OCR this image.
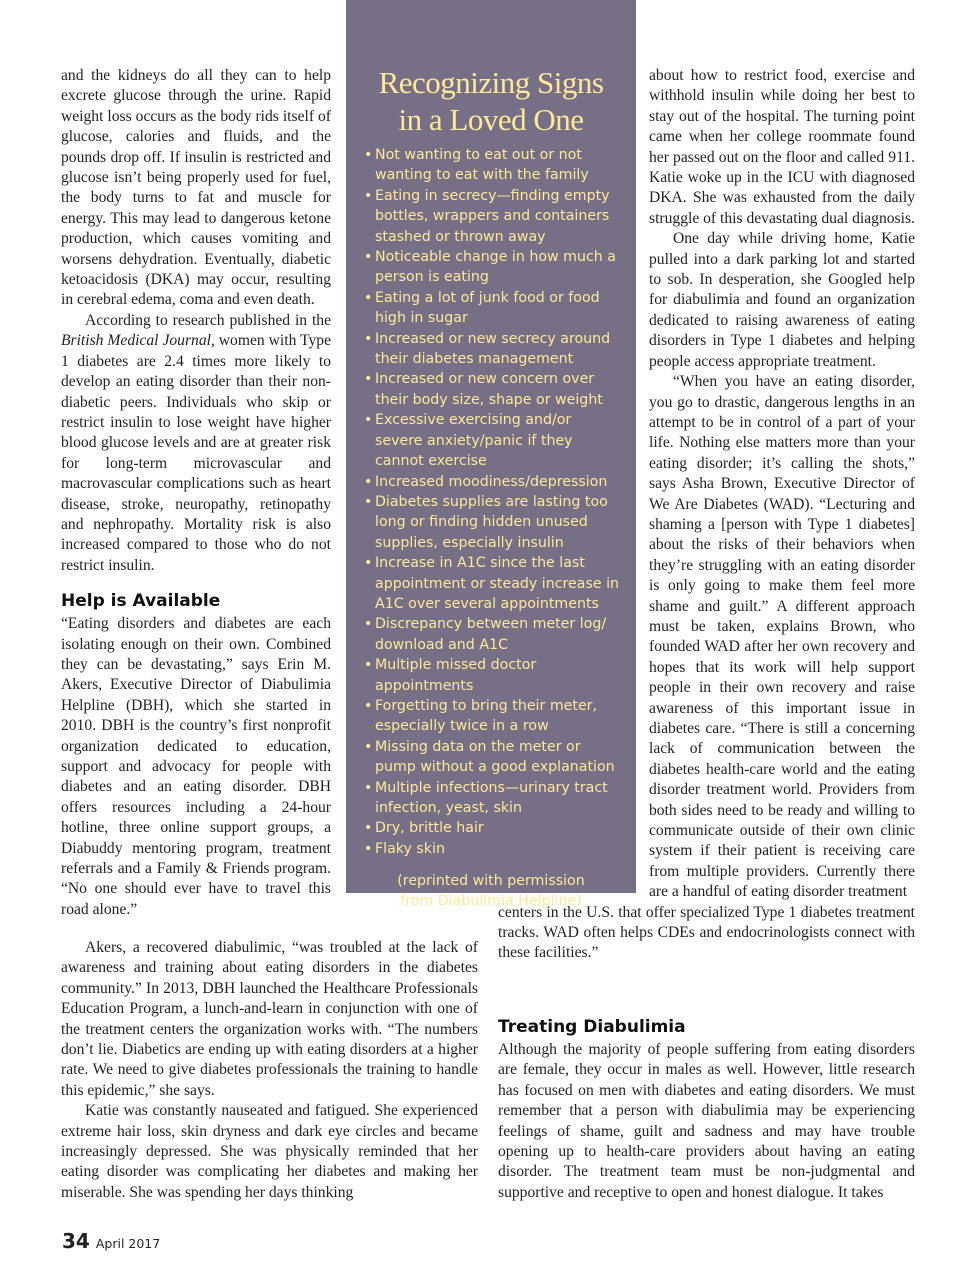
and the kidneys do all they can to help excrete glucose through the urine. Rapid weight loss occurs as the body rids itself of glucose, calories and fluids, and the pounds drop off. If insulin is restricted and glucose isn’t being properly used for fuel, the body turns to fat and muscle for energy. This may lead to dangerous ketone production, which causes vomiting and worsens dehydration. Eventually, diabetic ketoacidosis (DKA) may occur, resulting in cerebral edema, coma and even death.

According to research published in the British Medical Journal, women with Type 1 diabetes are 2.4 times more likely to develop an eating disorder than their non-diabetic peers. Individuals who skip or restrict insulin to lose weight have higher blood glucose levels and are at greater risk for long-term microvascular and macrovascular complications such as heart disease, stroke, neuropathy, retinopathy and nephropathy. Mortality risk is also increased compared to those who do not restrict insulin.

Help is Available

“Eating disorders and diabetes are each isolating enough on their own. Combined they can be devastating,” says Erin M. Akers, Executive Director of Diabulimia Helpline (DBH), which she started in 2010. DBH is the country’s first nonprofit organization dedicated to education, support and advocacy for people with diabetes and an eating disorder. DBH offers resources including a 24-hour hotline, three online support groups, a Diabuddy mentoring program, treatment referrals and a Family & Friends program. “No one should ever have to travel this road alone.”

Akers, a recovered diabulimic, “was troubled at the lack of awareness and training about eating disorders in the diabetes community.” In 2013, DBH launched the Healthcare Professionals Education Program, a lunch-and-learn in conjunction with one of the treatment centers the organization works with. “The numbers don’t lie. Diabetics are ending up with eating disorders at a higher rate. We need to give diabetes professionals the training to handle this epidemic,” she says.

Katie was constantly nauseated and fatigued. She experienced extreme hair loss, skin dryness and dark eye circles and became increasingly depressed. She was physically reminded that her eating disorder was complicating her diabetes and making her miserable. She was spending her days thinking

Recognizing Signs
in a Loved One
• Not wanting to eat out or not wanting to eat with the family
• Eating in secrecy—finding empty bottles, wrappers and containers stashed or thrown away
• Noticeable change in how much a person is eating
• Eating a lot of junk food or food high in sugar
• Increased or new secrecy around their diabetes management
• Increased or new concern over their body size, shape or weight
• Excessive exercising and/or severe anxiety/panic if they cannot exercise
• Increased moodiness/depression
• Diabetes supplies are lasting too long or finding hidden unused supplies, especially insulin
• Increase in A1C since the last appointment or steady increase in A1C over several appointments
• Discrepancy between meter log/ download and A1C
• Multiple missed doctor appointments
• Forgetting to bring their meter, especially twice in a row
• Missing data on the meter or pump without a good explanation
• Multiple infections—urinary tract infection, yeast, skin
• Dry, brittle hair
• Flaky skin
(reprinted with permission
from Diabulimia Helpline)

about how to restrict food, exercise and withhold insulin while doing her best to stay out of the hospital. The turning point came when her college roommate found her passed out on the floor and called 911. Katie woke up in the ICU with diagnosed DKA. She was exhausted from the daily struggle of this devastating dual diagnosis.

One day while driving home, Katie pulled into a dark parking lot and started to sob. In desperation, she Googled help for diabulimia and found an organization dedicated to raising awareness of eating disorders in Type 1 diabetes and helping people access appropriate treatment.

“When you have an eating disorder, you go to drastic, dangerous lengths in an attempt to be in control of a part of your life. Nothing else matters more than your eating disorder; it’s calling the shots,” says Asha Brown, Executive Director of We Are Diabetes (WAD). “Lecturing and shaming a [person with Type 1 diabetes] about the risks of their behaviors when they’re struggling with an eating disorder is only going to make them feel more shame and guilt.” A different approach must be taken, explains Brown, who founded WAD after her own recovery and hopes that its work will help support people in their own recovery and raise awareness of this important issue in diabetes care. “There is still a concerning lack of communication between the diabetes health-care world and the eating disorder treatment world. Providers from both sides need to be ready and willing to communicate outside of their own clinic system if their patient is receiving care from multiple providers. Currently there are a handful of eating disorder treatment

Treating Diabulimia

Although the majority of people suffering from eating disorders are female, they occur in males as well. However, little research has focused on men with diabetes and eating disorders. We must remember that a person with diabulimia may be experiencing feelings of shame, guilt and sadness and may have trouble opening up to health-care providers about having an eating disorder. The treatment team must be non-judgmental and supportive and receptive to open and honest dialogue. It takes

34 April 2017

centers in the U.S. that offer specialized Type 1 diabetes treatment tracks. WAD often helps CDEs and endocrinologists connect with these facilities.”
